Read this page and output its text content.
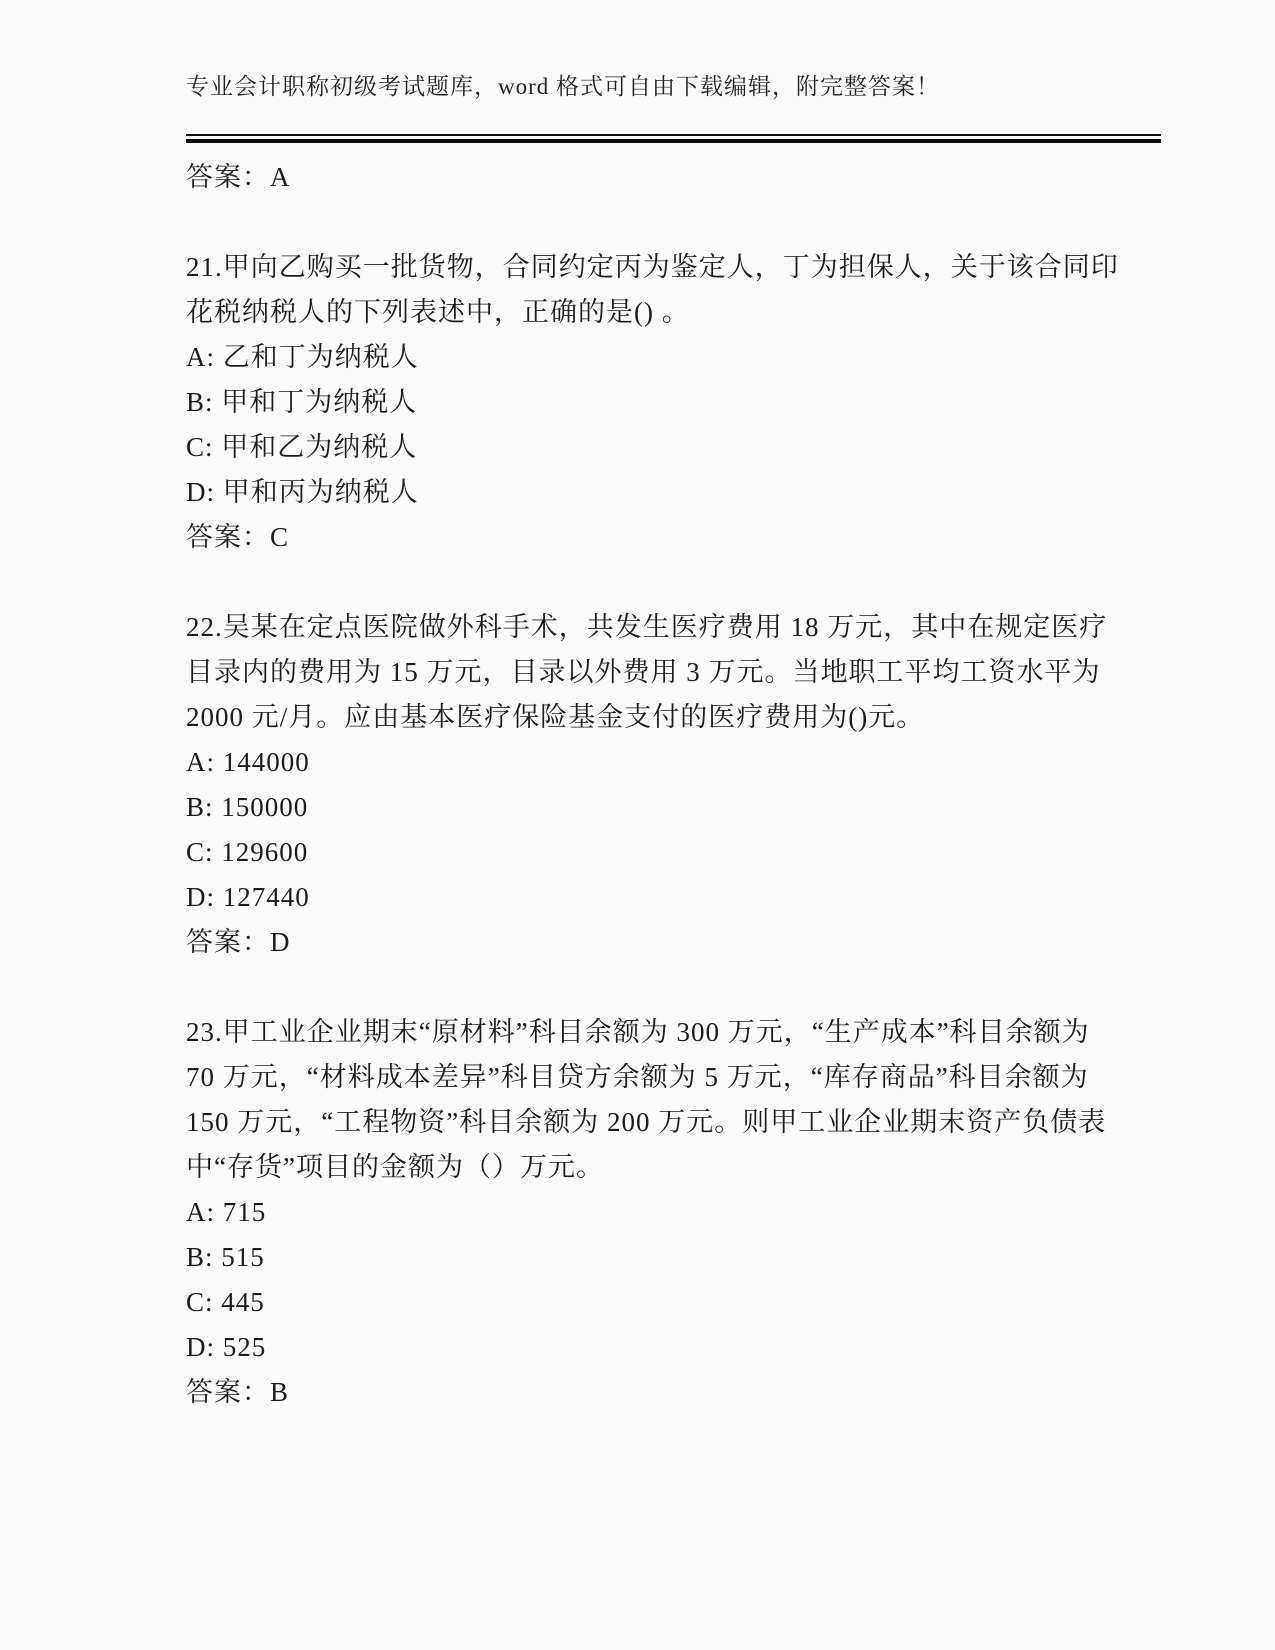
专业会计职称初级考试题库，word 格式可自由下载编辑，附完整答案！

答案：A

21.甲向乙购买一批货物，合同约定丙为鉴定人，丁为担保人，关于该合同印花税纳税人的下列表述中，正确的是() 。

A: 乙和丁为纳税人

B: 甲和丁为纳税人

C: 甲和乙为纳税人

D: 甲和丙为纳税人

答案：C

22.吴某在定点医院做外科手术，共发生医疗费用 18 万元，其中在规定医疗目录内的费用为 15 万元，目录以外费用 3 万元。当地职工平均工资水平为 2000 元/月。应由基本医疗保险基金支付的医疗费用为()元。

A: 144000

B: 150000

C: 129600

D: 127440

答案：D

23.甲工业企业期末“原材料”科目余额为 300 万元，“生产成本”科目余额为 70 万元，“材料成本差异”科目贷方余额为 5 万元，“库存商品”科目余额为 150 万元，“工程物资”科目余额为 200 万元。则甲工业企业期末资产负债表中“存货”项目的金额为（）万元。

A: 715

B: 515

C: 445

D: 525

答案：B
